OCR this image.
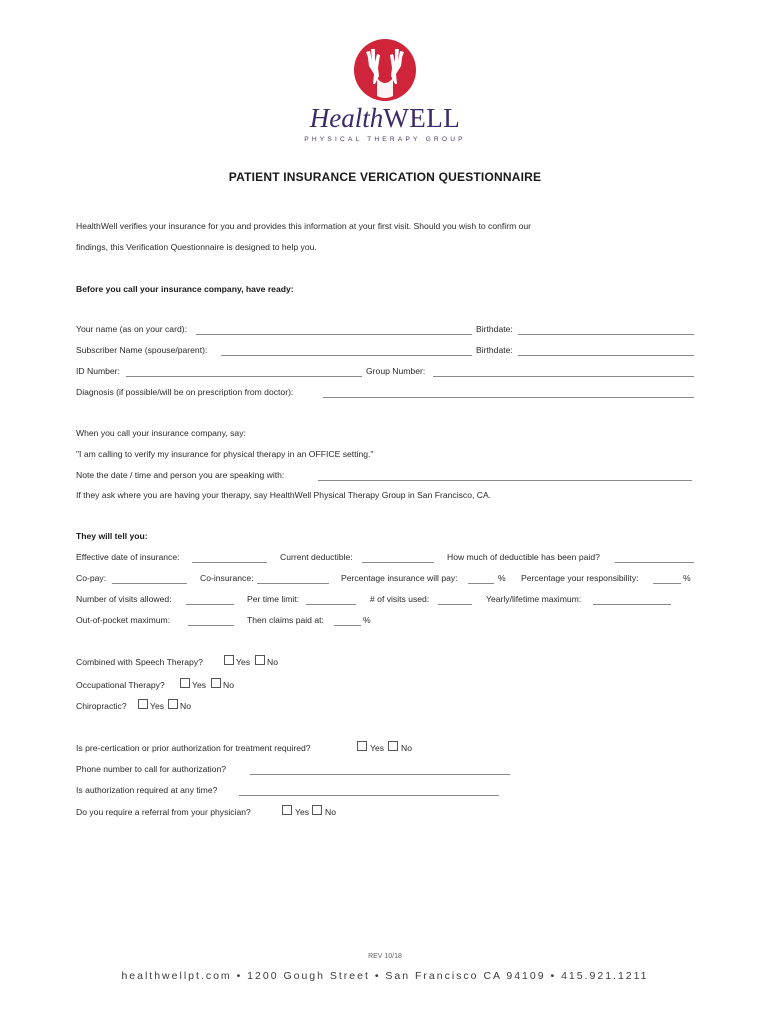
HealthWELL
PHYSICAL THERAPY GROUP
PATIENT INSURANCE VERICATION QUESTIONNAIRE
HealthWell verifies your insurance for you and provides this information at your first visit. Should you wish to confirm our
findings, this Verification Questionnaire is designed to help you.
Before you call your insurance company, have ready:
Your name (as on your card):	Birthdate:
Subscriber Name (spouse/parent):	Birthdate:
ID Number:	Group Number:
Diagnosis (if possible/will be on prescription from doctor):
When you call your insurance company, say:
"I am calling to verify my insurance for physical therapy in an OFFICE setting."
Note the date / time and person you are speaking with:
If they ask where you are having your therapy, say HealthWell Physical Therapy Group in San Francisco, CA.
They will tell you:
Effective date of insurance:	Current deductible:	How much of deductible has been paid?
Co-pay:	Co-insurance:	Percentage insurance will pay:	% Percentage your responsibility:	%
Number of visits allowed:	Per time limit:	# of visits used:	Yearly/lifetime maximum:
Out-of-pocket maximum:	Then claims paid at:	%
Combined with Speech Therapy?	Yes No
Occupational Therapy?	Yes No
Chiropractic?	Yes No
Is pre-certication or prior authorization for treatment required?	Yes No
Phone number to call for authorization?
Is authorization required at any time?
Do you require a referral from your physician?	Yes No
REV 10/18
healthwellpt.com • 1200 Gough Street • San Francisco CA 94109 • 415.921.1211
